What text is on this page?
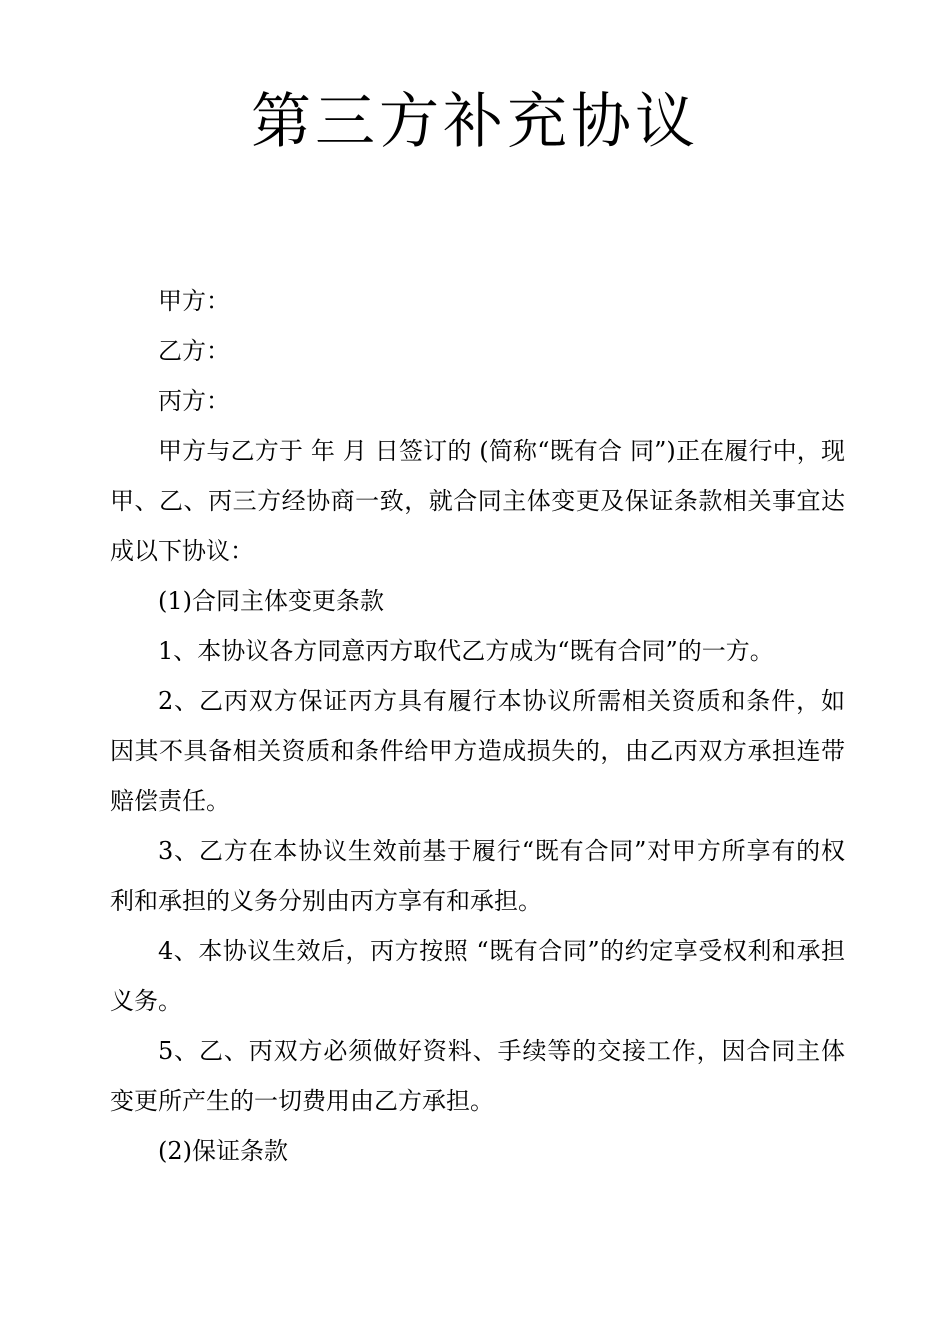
第三方补充协议

甲方：

乙方：

丙方：

甲方与乙方于 年 月 日签订的 (简称“既有合 同”)正在履行中，现甲、乙、丙三方经协商一致，就合同主体变更及保证条款相关事宜达成以下协议：

(1)合同主体变更条款

1、本协议各方同意丙方取代乙方成为“既有合同”的一方。

2、乙丙双方保证丙方具有履行本协议所需相关资质和条件，如因其不具备相关资质和条件给甲方造成损失的，由乙丙双方承担连带赔偿责任。

3、乙方在本协议生效前基于履行“既有合同”对甲方所享有的权利和承担的义务分别由丙方享有和承担。

4、本协议生效后，丙方按照 “既有合同”的约定享受权利和承担义务。

5、乙、丙双方必须做好资料、手续等的交接工作，因合同主体变更所产生的一切费用由乙方承担。

(2)保证条款
